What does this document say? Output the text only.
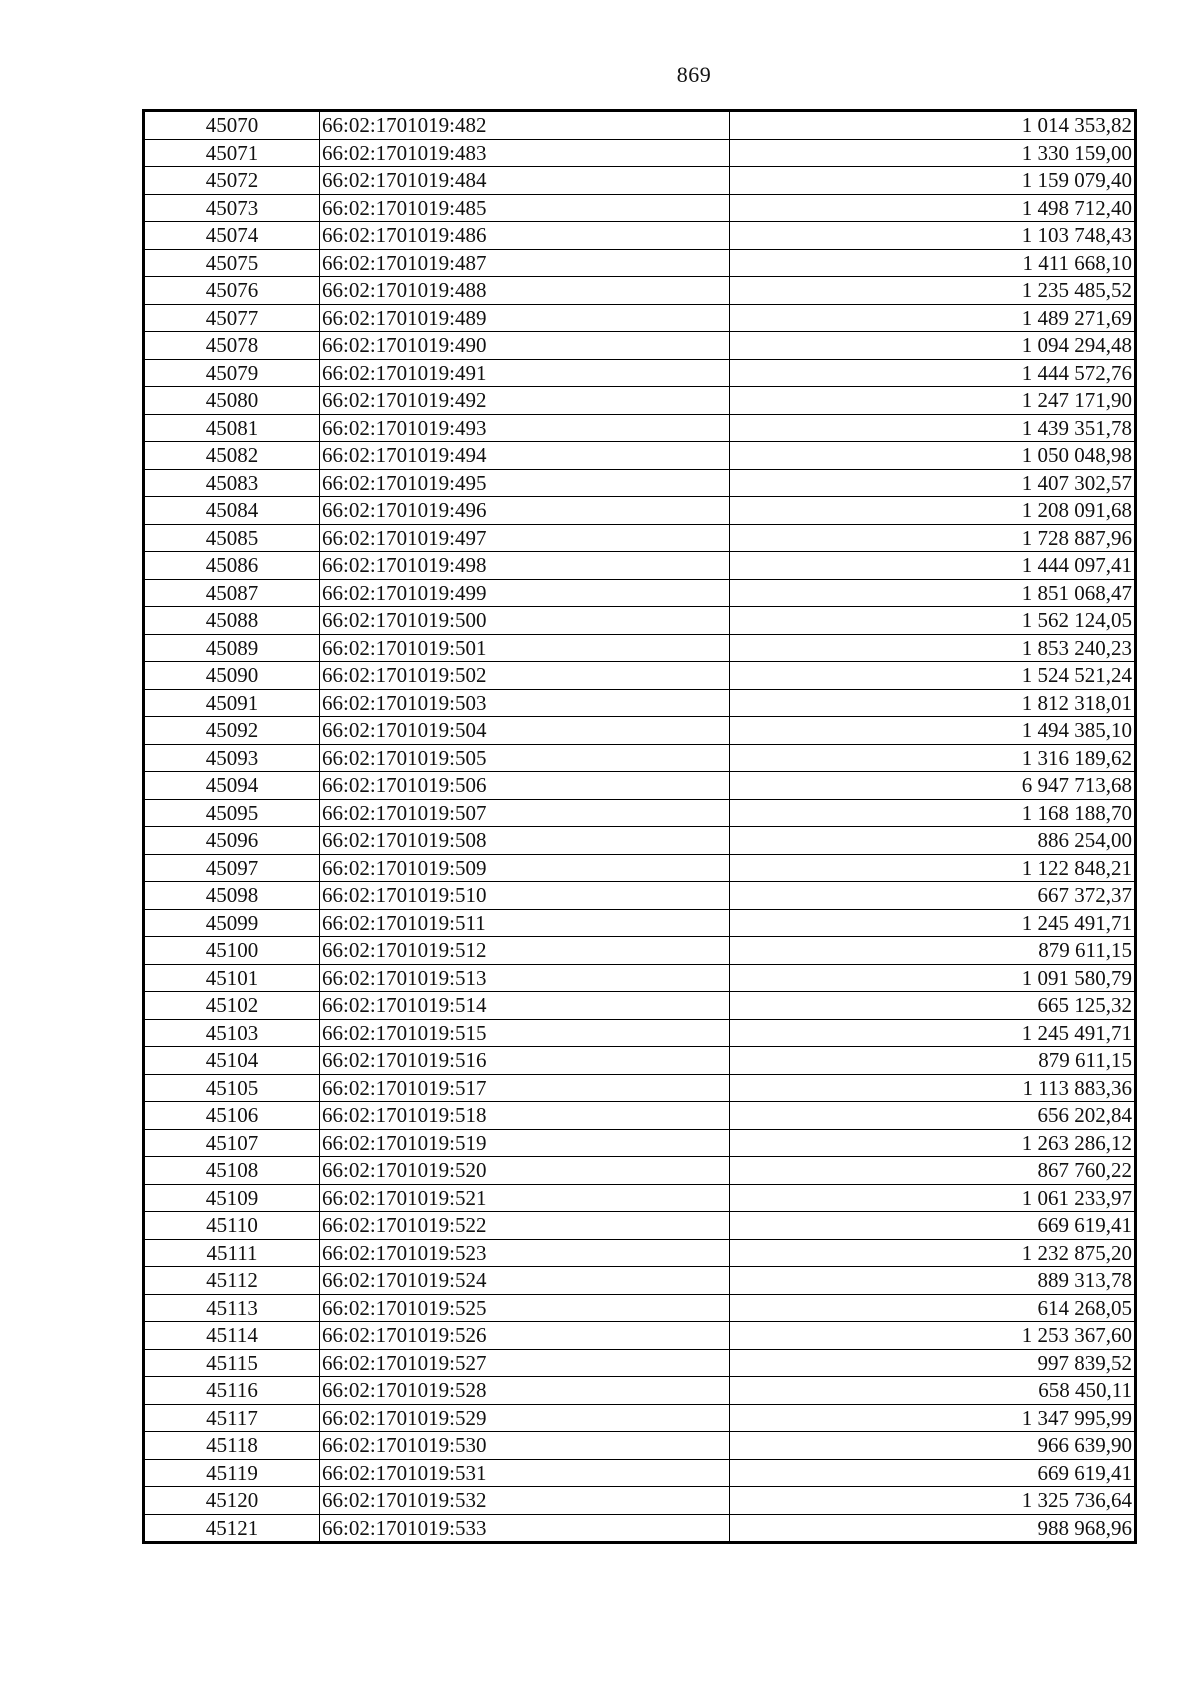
869
45070	66:02:1701019:482	1 014 353,82
45071	66:02:1701019:483	1 330 159,00
45072	66:02:1701019:484	1 159 079,40
45073	66:02:1701019:485	1 498 712,40
45074	66:02:1701019:486	1 103 748,43
45075	66:02:1701019:487	1 411 668,10
45076	66:02:1701019:488	1 235 485,52
45077	66:02:1701019:489	1 489 271,69
45078	66:02:1701019:490	1 094 294,48
45079	66:02:1701019:491	1 444 572,76
45080	66:02:1701019:492	1 247 171,90
45081	66:02:1701019:493	1 439 351,78
45082	66:02:1701019:494	1 050 048,98
45083	66:02:1701019:495	1 407 302,57
45084	66:02:1701019:496	1 208 091,68
45085	66:02:1701019:497	1 728 887,96
45086	66:02:1701019:498	1 444 097,41
45087	66:02:1701019:499	1 851 068,47
45088	66:02:1701019:500	1 562 124,05
45089	66:02:1701019:501	1 853 240,23
45090	66:02:1701019:502	1 524 521,24
45091	66:02:1701019:503	1 812 318,01
45092	66:02:1701019:504	1 494 385,10
45093	66:02:1701019:505	1 316 189,62
45094	66:02:1701019:506	6 947 713,68
45095	66:02:1701019:507	1 168 188,70
45096	66:02:1701019:508	886 254,00
45097	66:02:1701019:509	1 122 848,21
45098	66:02:1701019:510	667 372,37
45099	66:02:1701019:511	1 245 491,71
45100	66:02:1701019:512	879 611,15
45101	66:02:1701019:513	1 091 580,79
45102	66:02:1701019:514	665 125,32
45103	66:02:1701019:515	1 245 491,71
45104	66:02:1701019:516	879 611,15
45105	66:02:1701019:517	1 113 883,36
45106	66:02:1701019:518	656 202,84
45107	66:02:1701019:519	1 263 286,12
45108	66:02:1701019:520	867 760,22
45109	66:02:1701019:521	1 061 233,97
45110	66:02:1701019:522	669 619,41
45111	66:02:1701019:523	1 232 875,20
45112	66:02:1701019:524	889 313,78
45113	66:02:1701019:525	614 268,05
45114	66:02:1701019:526	1 253 367,60
45115	66:02:1701019:527	997 839,52
45116	66:02:1701019:528	658 450,11
45117	66:02:1701019:529	1 347 995,99
45118	66:02:1701019:530	966 639,90
45119	66:02:1701019:531	669 619,41
45120	66:02:1701019:532	1 325 736,64
45121	66:02:1701019:533	988 968,96
